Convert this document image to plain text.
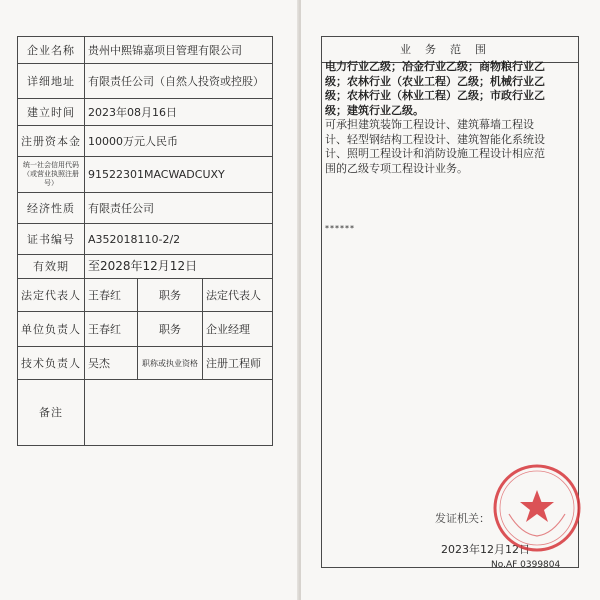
企业名称	贵州中熙锦嘉项目管理有限公司		
详细地址	有限责任公司（自然人投资或控股）		
建立时间	2023年08月16日		
注册资本金	10000万元人民币		
统一社会信用代码（或营业执照注册号）	91522301MACWADCUXY		
经济性质	有限责任公司		
证书编号	A352018110-2/2		
有效期	至2028年12月12日		
法定代表人	王春红	职务	法定代表人
单位负责人	王春红	职务	企业经理
技术负责人	吴杰	职称或执业资格	注册工程师
备注			
业务范围
电力行业乙级；冶金行业乙级；商物粮行业乙级；农林行业（农业工程）乙级；机械行业乙级；农林行业（林业工程）乙级；市政行业乙级；建筑行业乙级。
可承担建筑装饰工程设计、建筑幕墙工程设计、轻型钢结构工程设计、建筑智能化系统设计、照明工程设计和消防设施工程设计相应范围的乙级专项工程设计业务。
******
发证机关：
2023年12月12日
No.AF 0399804
